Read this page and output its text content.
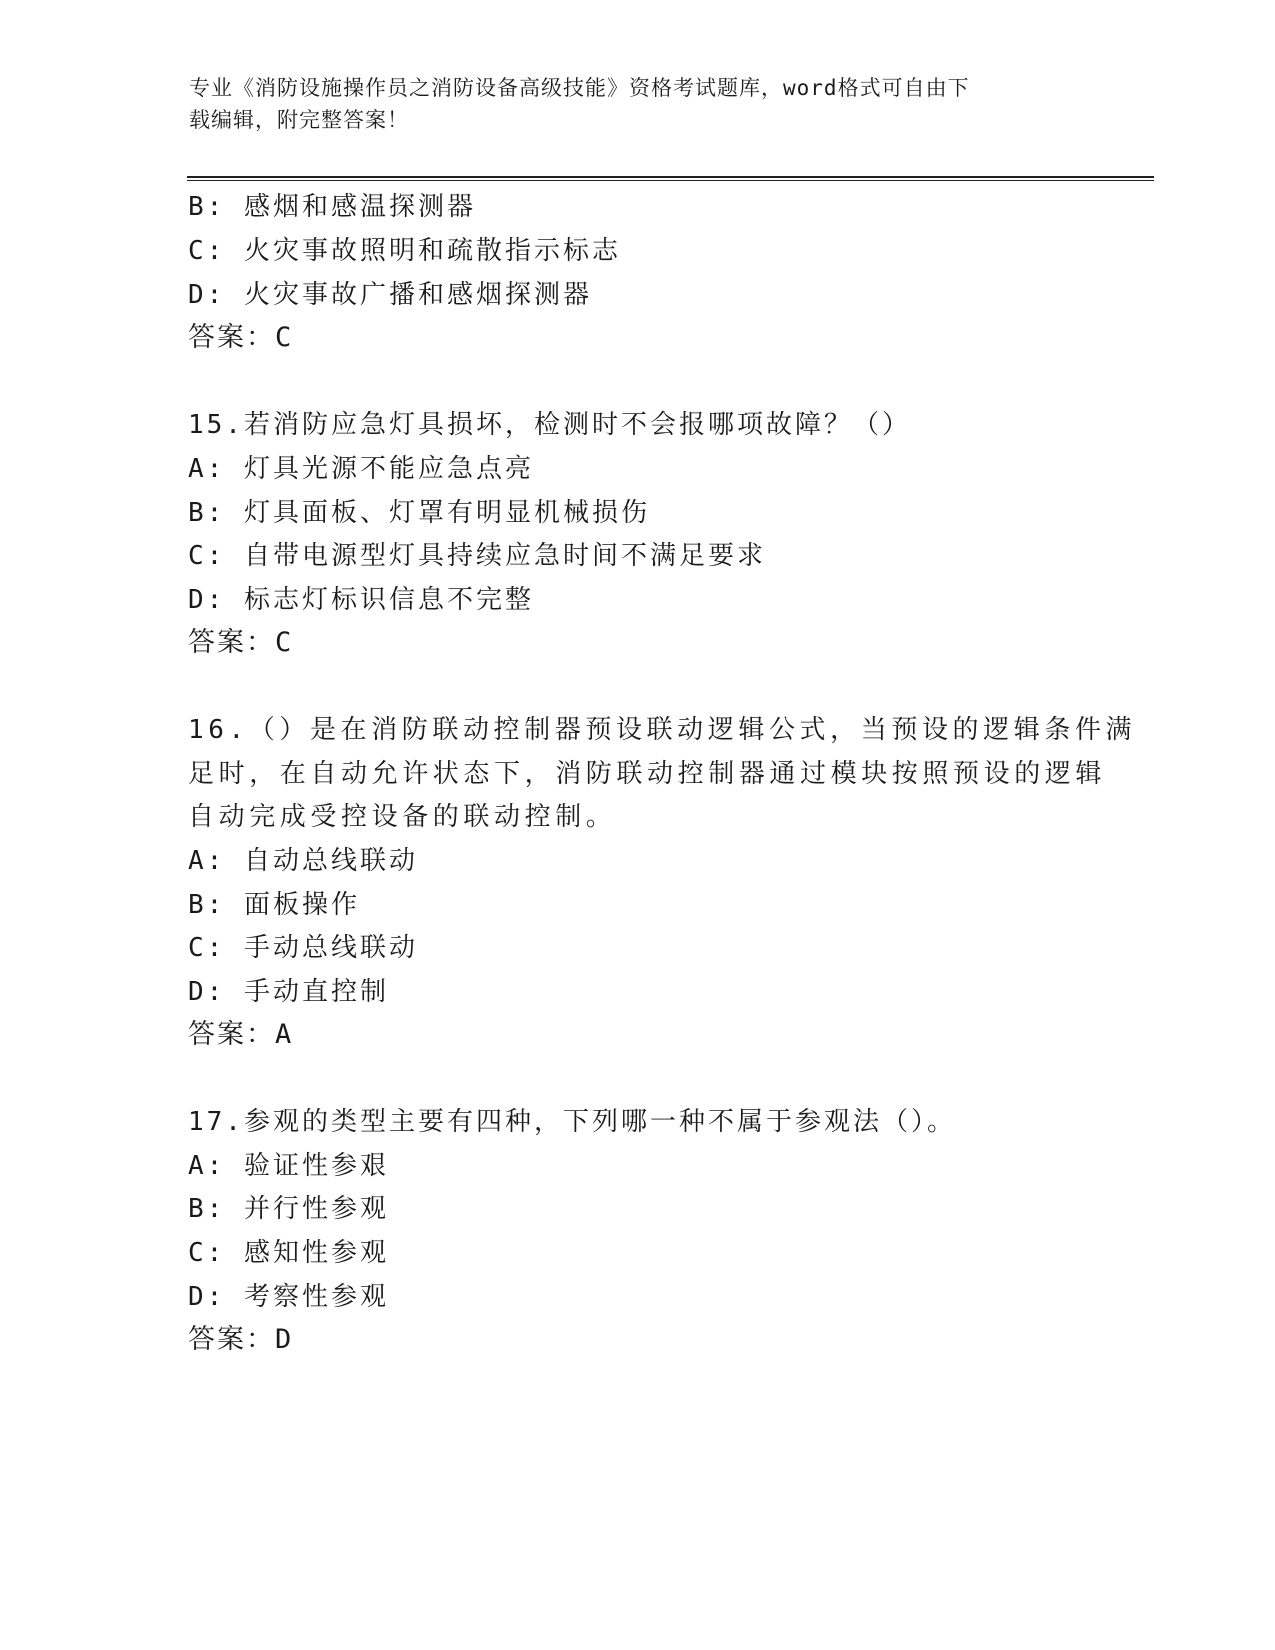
专业《消防设施操作员之消防设备高级技能》资格考试题库，word格式可自由下
载编辑，附完整答案！
B: 感烟和感温探测器
C: 火灾事故照明和疏散指示标志
D: 火灾事故广播和感烟探测器
答案：C
15.若消防应急灯具损坏，检测时不会报哪项故障？（）
A: 灯具光源不能应急点亮
B: 灯具面板、灯罩有明显机械损伤
C: 自带电源型灯具持续应急时间不满足要求
D: 标志灯标识信息不完整
答案：C
16.（）是在消防联动控制器预设联动逻辑公式，当预设的逻辑条件满
足时，在自动允许状态下，消防联动控制器通过模块按照预设的逻辑
自动完成受控设备的联动控制。
A: 自动总线联动
B: 面板操作
C: 手动总线联动
D: 手动直控制
答案：A
17.参观的类型主要有四种，下列哪一种不属于参观法（）。
A: 验证性参艰
B: 并行性参观
C: 感知性参观
D: 考察性参观
答案：D
